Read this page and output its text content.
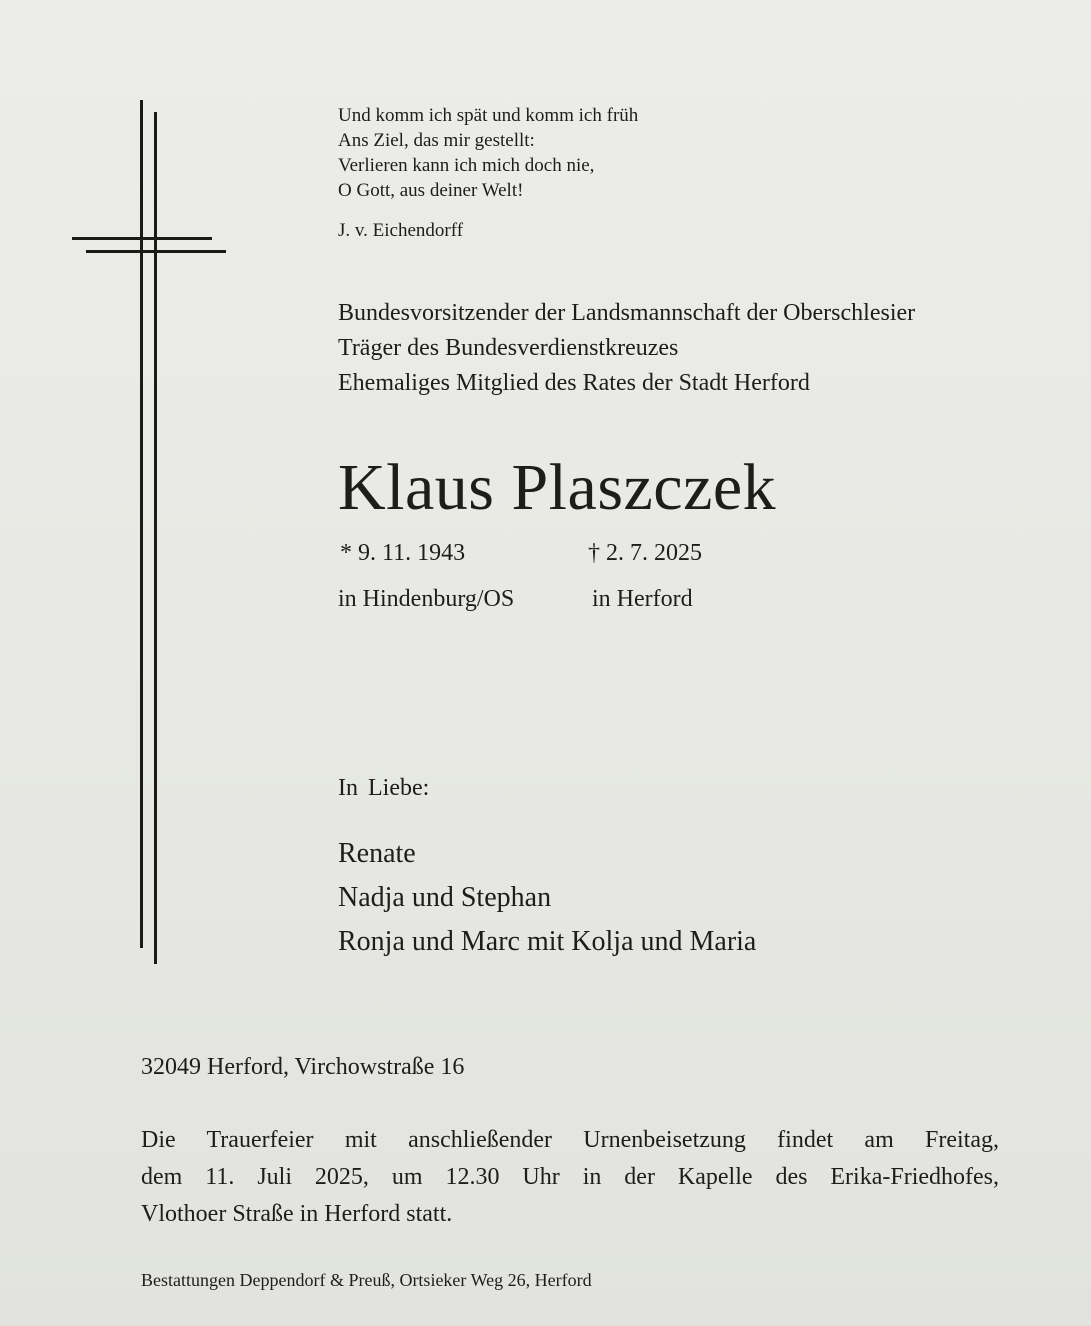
Und komm ich spät und komm ich früh
Ans Ziel, das mir gestellt:
Verlieren kann ich mich doch nie,
O Gott, aus deiner Welt!
J. v. Eichendorff
Bundesvorsitzender der Landsmannschaft der Oberschlesier
Träger des Bundesverdienstkreuzes
Ehemaliges Mitglied des Rates der Stadt Herford
Klaus Plaszczek
* 9. 11. 1943	† 2. 7. 2025
in Hindenburg/OS	in Herford
In Liebe:
Renate
Nadja und Stephan
Ronja und Marc mit Kolja und Maria
32049 Herford, Virchowstraße 16
Die Trauerfeier mit anschließender Urnenbeisetzung findet am Freitag,
dem 11. Juli 2025, um 12.30 Uhr in der Kapelle des Erika-Friedhofes,
Vlothoer Straße in Herford statt.
Bestattungen Deppendorf & Preuß, Ortsieker Weg 26, Herford
